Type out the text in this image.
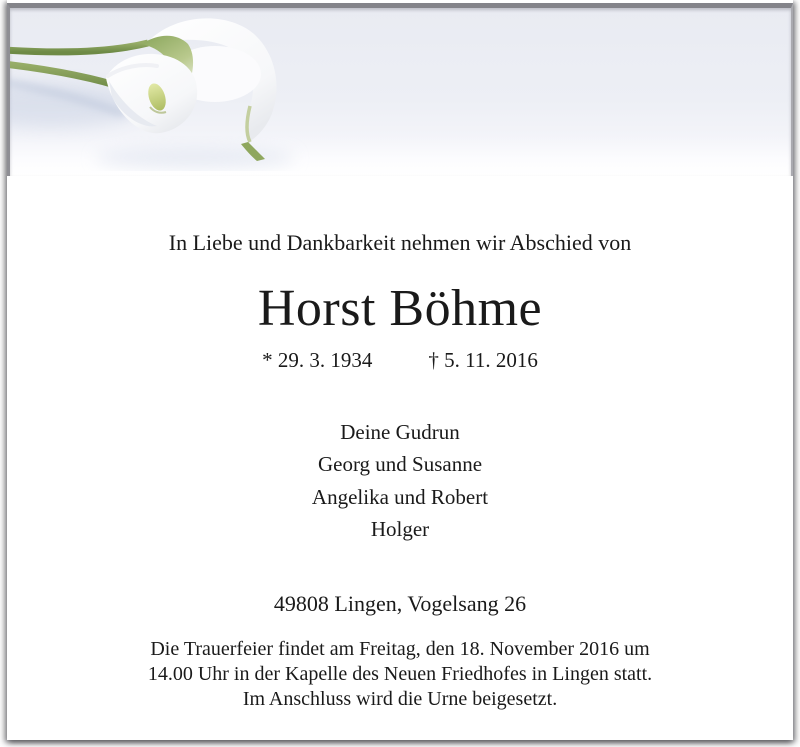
In Liebe und Dankbarkeit nehmen wir Abschied von
Horst Böhme
* 29. 3. 1934	† 5. 11. 2016
Deine Gudrun
Georg und Susanne
Angelika und Robert
Holger
49808 Lingen, Vogelsang 26
Die Trauerfeier findet am Freitag, den 18. November 2016 um
14.00 Uhr in der Kapelle des Neuen Friedhofes in Lingen statt.
Im Anschluss wird die Urne beigesetzt.
